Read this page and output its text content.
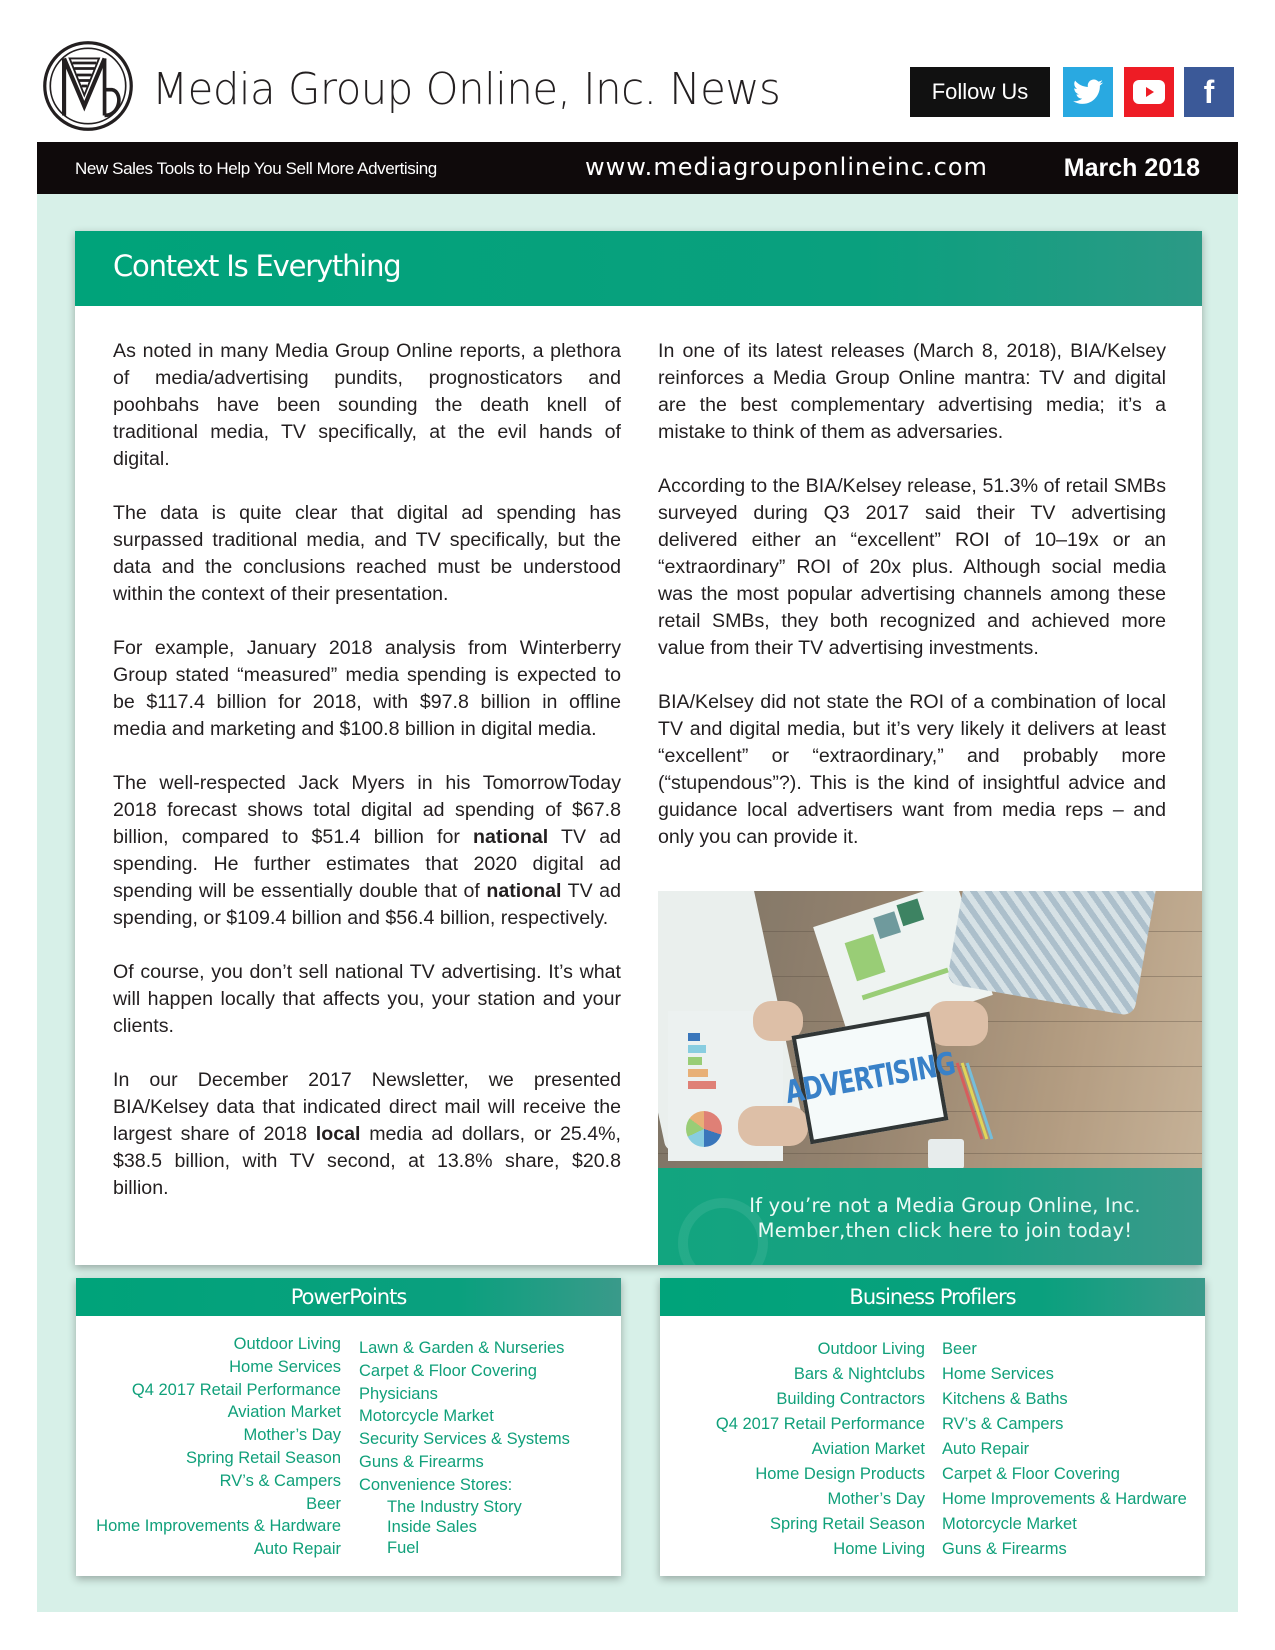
Media Group Online, Inc. News	Follow Us	f
New Sales Tools to Help You Sell More Advertising	www.mediagrouponlineinc.com	March 2018
Context Is Everything

As noted in many Media Group Online reports, a plethora of media/advertising pundits, prognosticators and poohbahs have been sounding the death knell of traditional media, TV specifically, at the evil hands of digital.

The data is quite clear that digital ad spending has surpassed traditional media, and TV specifically, but the data and the conclusions reached must be understood within the context of their presentation.

For example, January 2018 analysis from Winterberry Group stated “measured” media spending is expected to be $117.4 billion for 2018, with $97.8 billion in offline media and marketing and $100.8 billion in digital media.

The well-respected Jack Myers in his TomorrowToday 2018 forecast shows total digital ad spending of $67.8 billion, compared to $51.4 billion for national TV ad spending. He further estimates that 2020 digital ad spending will be essentially double that of national TV ad spending, or $109.4 billion and $56.4 billion, respectively.

Of course, you don’t sell national TV advertising. It’s what will happen locally that affects you, your station and your clients.

In our December 2017 Newsletter, we presented BIA/Kelsey data that indicated direct mail will receive the largest share of 2018 local media ad dollars, or 25.4%, $38.5 billion, with TV second, at 13.8% share, $20.8 billion.

In one of its latest releases (March 8, 2018), BIA/Kelsey reinforces a Media Group Online mantra: TV and digital are the best complementary advertising media; it’s a mistake to think of them as adversaries.

According to the BIA/Kelsey release, 51.3% of retail SMBs surveyed during Q3 2017 said their TV advertising delivered either an “excellent” ROI of 10–19x or an “extraordinary” ROI of 20x plus. Although social media was the most popular advertising channels among these retail SMBs, they both recognized and achieved more value from their TV advertising investments.

BIA/Kelsey did not state the ROI of a combination of local TV and digital media, but it’s very likely it delivers at least “excellent” or “extraordinary,” and probably more (“stupendous”?). This is the kind of insightful advice and guidance local advertisers want from media reps – and only you can provide it.

ADVERTISING
If you’re not a Media Group Online, Inc.
Member,then click here to join today!
PowerPoints
Outdoor Living
Home Services
Q4 2017 Retail Performance
Aviation Market
Mother’s Day
Spring Retail Season
RV’s & Campers
Beer
Home Improvements & Hardware
Auto Repair
Lawn & Garden & Nurseries
Carpet & Floor Covering
Physicians
Motorcycle Market
Security Services & Systems
Guns & Firearms
Convenience Stores:
The Industry Story
Inside Sales
Fuel
Business Profilers
Outdoor Living
Bars & Nightclubs
Building Contractors
Q4 2017 Retail Performance
Aviation Market
Home Design Products
Mother’s Day
Spring Retail Season
Home Living
Beer
Home Services
Kitchens & Baths
RV’s & Campers
Auto Repair
Carpet & Floor Covering
Home Improvements & Hardware
Motorcycle Market
Guns & Firearms
